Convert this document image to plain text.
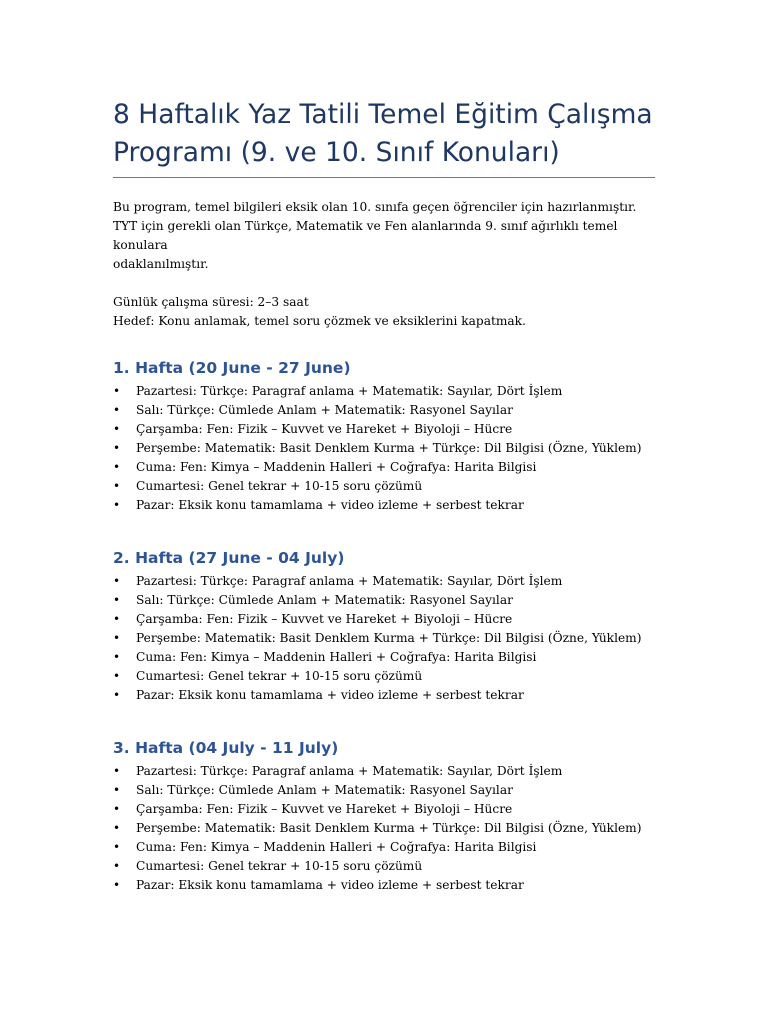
8 Haftalık Yaz Tatili Temel Eğitim Çalışma Programı (9. ve 10. Sınıf Konuları)

Bu program, temel bilgileri eksik olan 10. sınıfa geçen öğrenciler için hazırlanmıştır.
TYT için gerekli olan Türkçe, Matematik ve Fen alanlarında 9. sınıf ağırlıklı temel konulara
odaklanılmıştır.

Günlük çalışma süresi: 2–3 saat
Hedef: Konu anlamak, temel soru çözmek ve eksiklerini kapatmak.

1. Hafta (20 June - 27 June)
• Pazartesi: Türkçe: Paragraf anlama + Matematik: Sayılar, Dört İşlem
• Salı: Türkçe: Cümlede Anlam + Matematik: Rasyonel Sayılar
• Çarşamba: Fen: Fizik – Kuvvet ve Hareket + Biyoloji – Hücre
• Perşembe: Matematik: Basit Denklem Kurma + Türkçe: Dil Bilgisi (Özne, Yüklem)
• Cuma: Fen: Kimya – Maddenin Halleri + Coğrafya: Harita Bilgisi
• Cumartesi: Genel tekrar + 10-15 soru çözümü
• Pazar: Eksik konu tamamlama + video izleme + serbest tekrar
2. Hafta (27 June - 04 July)
• Pazartesi: Türkçe: Paragraf anlama + Matematik: Sayılar, Dört İşlem
• Salı: Türkçe: Cümlede Anlam + Matematik: Rasyonel Sayılar
• Çarşamba: Fen: Fizik – Kuvvet ve Hareket + Biyoloji – Hücre
• Perşembe: Matematik: Basit Denklem Kurma + Türkçe: Dil Bilgisi (Özne, Yüklem)
• Cuma: Fen: Kimya – Maddenin Halleri + Coğrafya: Harita Bilgisi
• Cumartesi: Genel tekrar + 10-15 soru çözümü
• Pazar: Eksik konu tamamlama + video izleme + serbest tekrar
3. Hafta (04 July - 11 July)
• Pazartesi: Türkçe: Paragraf anlama + Matematik: Sayılar, Dört İşlem
• Salı: Türkçe: Cümlede Anlam + Matematik: Rasyonel Sayılar
• Çarşamba: Fen: Fizik – Kuvvet ve Hareket + Biyoloji – Hücre
• Perşembe: Matematik: Basit Denklem Kurma + Türkçe: Dil Bilgisi (Özne, Yüklem)
• Cuma: Fen: Kimya – Maddenin Halleri + Coğrafya: Harita Bilgisi
• Cumartesi: Genel tekrar + 10-15 soru çözümü
• Pazar: Eksik konu tamamlama + video izleme + serbest tekrar
